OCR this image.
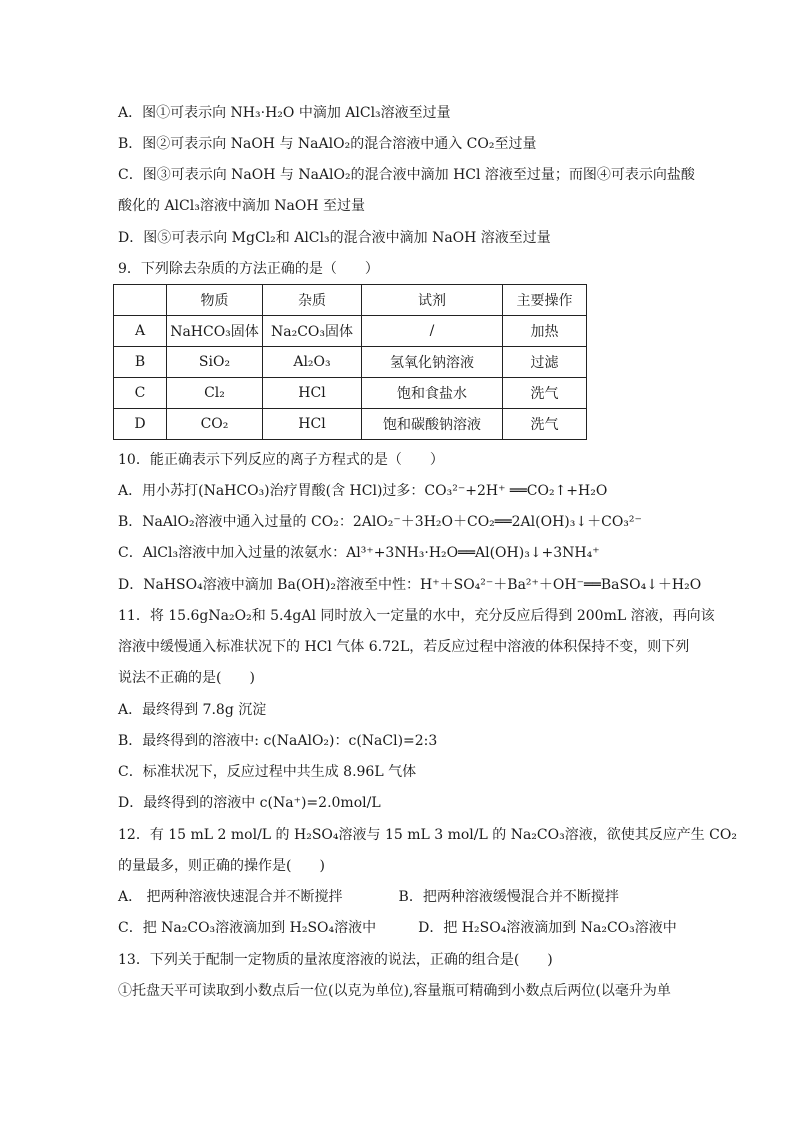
A．图①可表示向 NH₃·H₂O 中滴加 AlCl₃溶液至过量
B．图②可表示向 NaOH 与 NaAlO₂的混合溶液中通入 CO₂至过量
C．图③可表示向 NaOH 与 NaAlO₂的混合液中滴加 HCl 溶液至过量；而图④可表示向盐酸
酸化的 AlCl₃溶液中滴加 NaOH 至过量
D．图⑤可表示向 MgCl₂和 AlCl₃的混合液中滴加 NaOH 溶液至过量
9．下列除去杂质的方法正确的是（　　）
	物质	杂质	试剂	主要操作
A	NaHCO₃固体	Na₂CO₃固体	/	加热
B	SiO₂	Al₂O₃	氢氧化钠溶液	过滤
C	Cl₂	HCl	饱和食盐水	洗气
D	CO₂	HCl	饱和碳酸钠溶液	洗气
10．能正确表示下列反应的离子方程式的是（　　）
A．用小苏打(NaHCO₃)治疗胃酸(含 HCl)过多：CO₃²⁻+2H⁺ ══CO₂↑+H₂O
B．NaAlO₂溶液中通入过量的 CO₂：2AlO₂⁻＋3H₂O＋CO₂══2Al(OH)₃↓＋CO₃²⁻
C．AlCl₃溶液中加入过量的浓氨水：Al³⁺+3NH₃·H₂O══Al(OH)₃↓+3NH₄⁺
D．NaHSO₄溶液中滴加 Ba(OH)₂溶液至中性：H⁺＋SO₄²⁻＋Ba²⁺＋OH⁻══BaSO₄↓＋H₂O
11．将 15.6gNa₂O₂和 5.4gAl 同时放入一定量的水中，充分反应后得到 200mL 溶液，再向该
溶液中缓慢通入标准状况下的 HCl 气体 6.72L，若反应过程中溶液的体积保持不变，则下列
说法不正确的是(　　)
A．最终得到 7.8g 沉淀
B．最终得到的溶液中: c(NaAlO₂)：c(NaCl)=2:3
C．标准状况下，反应过程中共生成 8.96L 气体
D．最终得到的溶液中 c(Na⁺)=2.0mol/L
12．有 15 mL 2 mol/L 的 H₂SO₄溶液与 15 mL 3 mol/L 的 Na₂CO₃溶液，欲使其反应产生 CO₂
的量最多，则正确的操作是(　　)
A． 把两种溶液快速混合并不断搅拌　　　　B．把两种溶液缓慢混合并不断搅拌
C．把 Na₂CO₃溶液滴加到 H₂SO₄溶液中　　　D．把 H₂SO₄溶液滴加到 Na₂CO₃溶液中
13．下列关于配制一定物质的量浓度溶液的说法，正确的组合是(　　)
①托盘天平可读取到小数点后一位(以克为单位),容量瓶可精确到小数点后两位(以毫升为单
